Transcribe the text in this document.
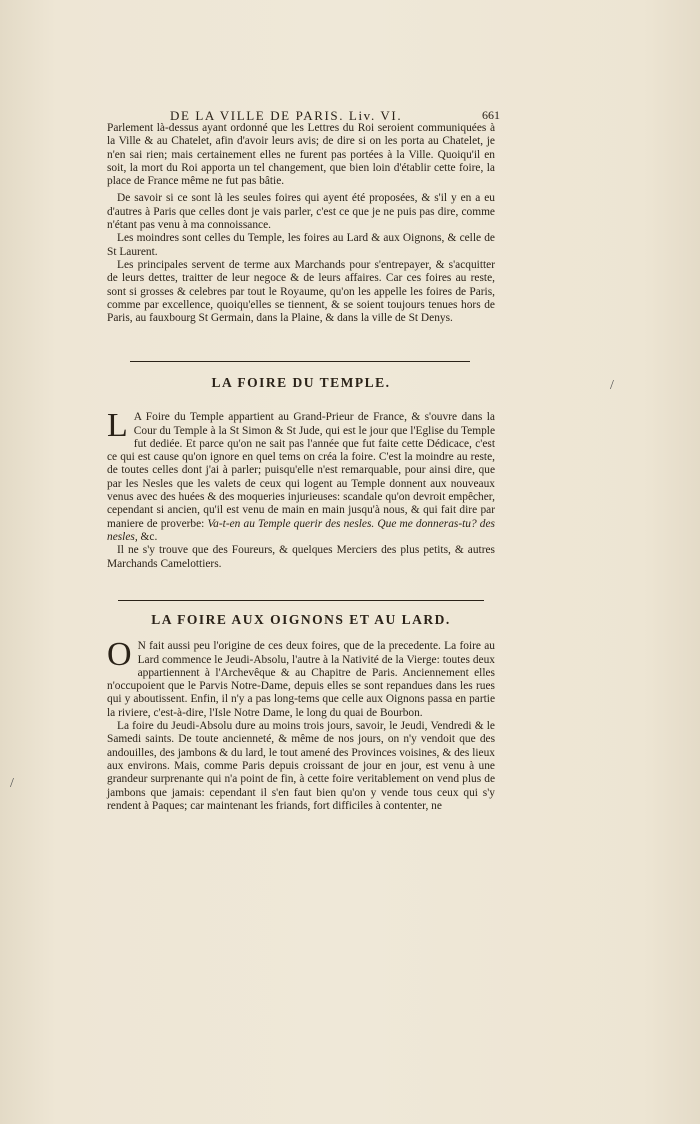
DE LA VILLE DE PARIS. Liv. VI.	661

Parlement là-dessus ayant ordonné que les Lettres du Roi seroient communiquées à la Ville & au Chatelet, afin d'avoir leurs avis; de dire si on les porta au Chatelet, je n'en sai rien; mais certainement elles ne furent pas portées à la Ville. Quoiqu'il en soit, la mort du Roi apporta un tel changement, que bien loin d'établir cette foire, la place de France même ne fut pas bâtie.

De savoir si ce sont là les seules foires qui ayent été proposées, & s'il y en a eu d'autres à Paris que celles dont je vais parler, c'est ce que je ne puis pas dire, comme n'étant pas venu à ma connoissance.

Les moindres sont celles du Temple, les foires au Lard & aux Oignons, & celle de St Laurent.

Les principales servent de terme aux Marchands pour s'entrepayer, & s'acquitter de leurs dettes, traitter de leur negoce & de leurs affaires. Car ces foires au reste, sont si grosses & celebres par tout le Royaume, qu'on les appelle les foires de Paris, comme par excellence, quoiqu'elles se tiennent, & se soient toujours tenues hors de Paris, au fauxbourg St Germain, dans la Plaine, & dans la ville de St Denys.

LA FOIRE DU TEMPLE.
L A Foire du Temple appartient au Grand-Prieur de France, & s'ouvre dans la Cour du Temple à la St Simon & St Jude, qui est le jour que l'Eglise du Temple fut dediée. Et parce qu'on ne sait pas l'année que fut faite cette Dédicace, c'est ce qui est cause qu'on ignore en quel tems on créa la foire. C'est la moindre au reste, de toutes celles dont j'ai à parler; puisqu'elle n'est remarquable, pour ainsi dire, que par les Nesles que les valets de ceux qui logent au Temple donnent aux nouveaux venus avec des huées & des moqueries injurieuses: scandale qu'on devroit empêcher, cependant si ancien, qu'il est venu de main en main jusqu'à nous, & qui fait dire par maniere de proverbe: Va-t-en au Temple querir des nesles. Que me donneras-tu? des nesles, &c.

Il ne s'y trouve que des Foureurs, & quelques Merciers des plus petits, & autres Marchands Camelottiers.

LA FOIRE AUX OIGNONS ET AU LARD.
O N fait aussi peu l'origine de ces deux foires, que de la precedente. La foire au Lard commence le Jeudi-Absolu, l'autre à la Nativité de la Vierge: toutes deux appartiennent à l'Archevêque & au Chapitre de Paris. Anciennement elles n'occupoient que le Parvis Notre-Dame, depuis elles se sont repandues dans les rues qui y aboutissent. Enfin, il n'y a pas long-tems que celle aux Oignons passa en partie la riviere, c'est-à-dire, l'Isle Notre Dame, le long du quai de Bourbon.

La foire du Jeudi-Absolu dure au moins trois jours, savoir, le Jeudi, Vendredi & le Samedi saints. De toute ancienneté, & même de nos jours, on n'y vendoit que des andouilles, des jambons & du lard, le tout amené des Provinces voisines, & des lieux aux environs. Mais, comme Paris depuis croissant de jour en jour, est venu à une grandeur surprenante qui n'a point de fin, à cette foire veritablement on vend plus de jambons que jamais: cependant il s'en faut bien qu'on y vende tous ceux qui s'y rendent à Paques; car maintenant les friands, fort difficiles à contenter, ne

/
/
